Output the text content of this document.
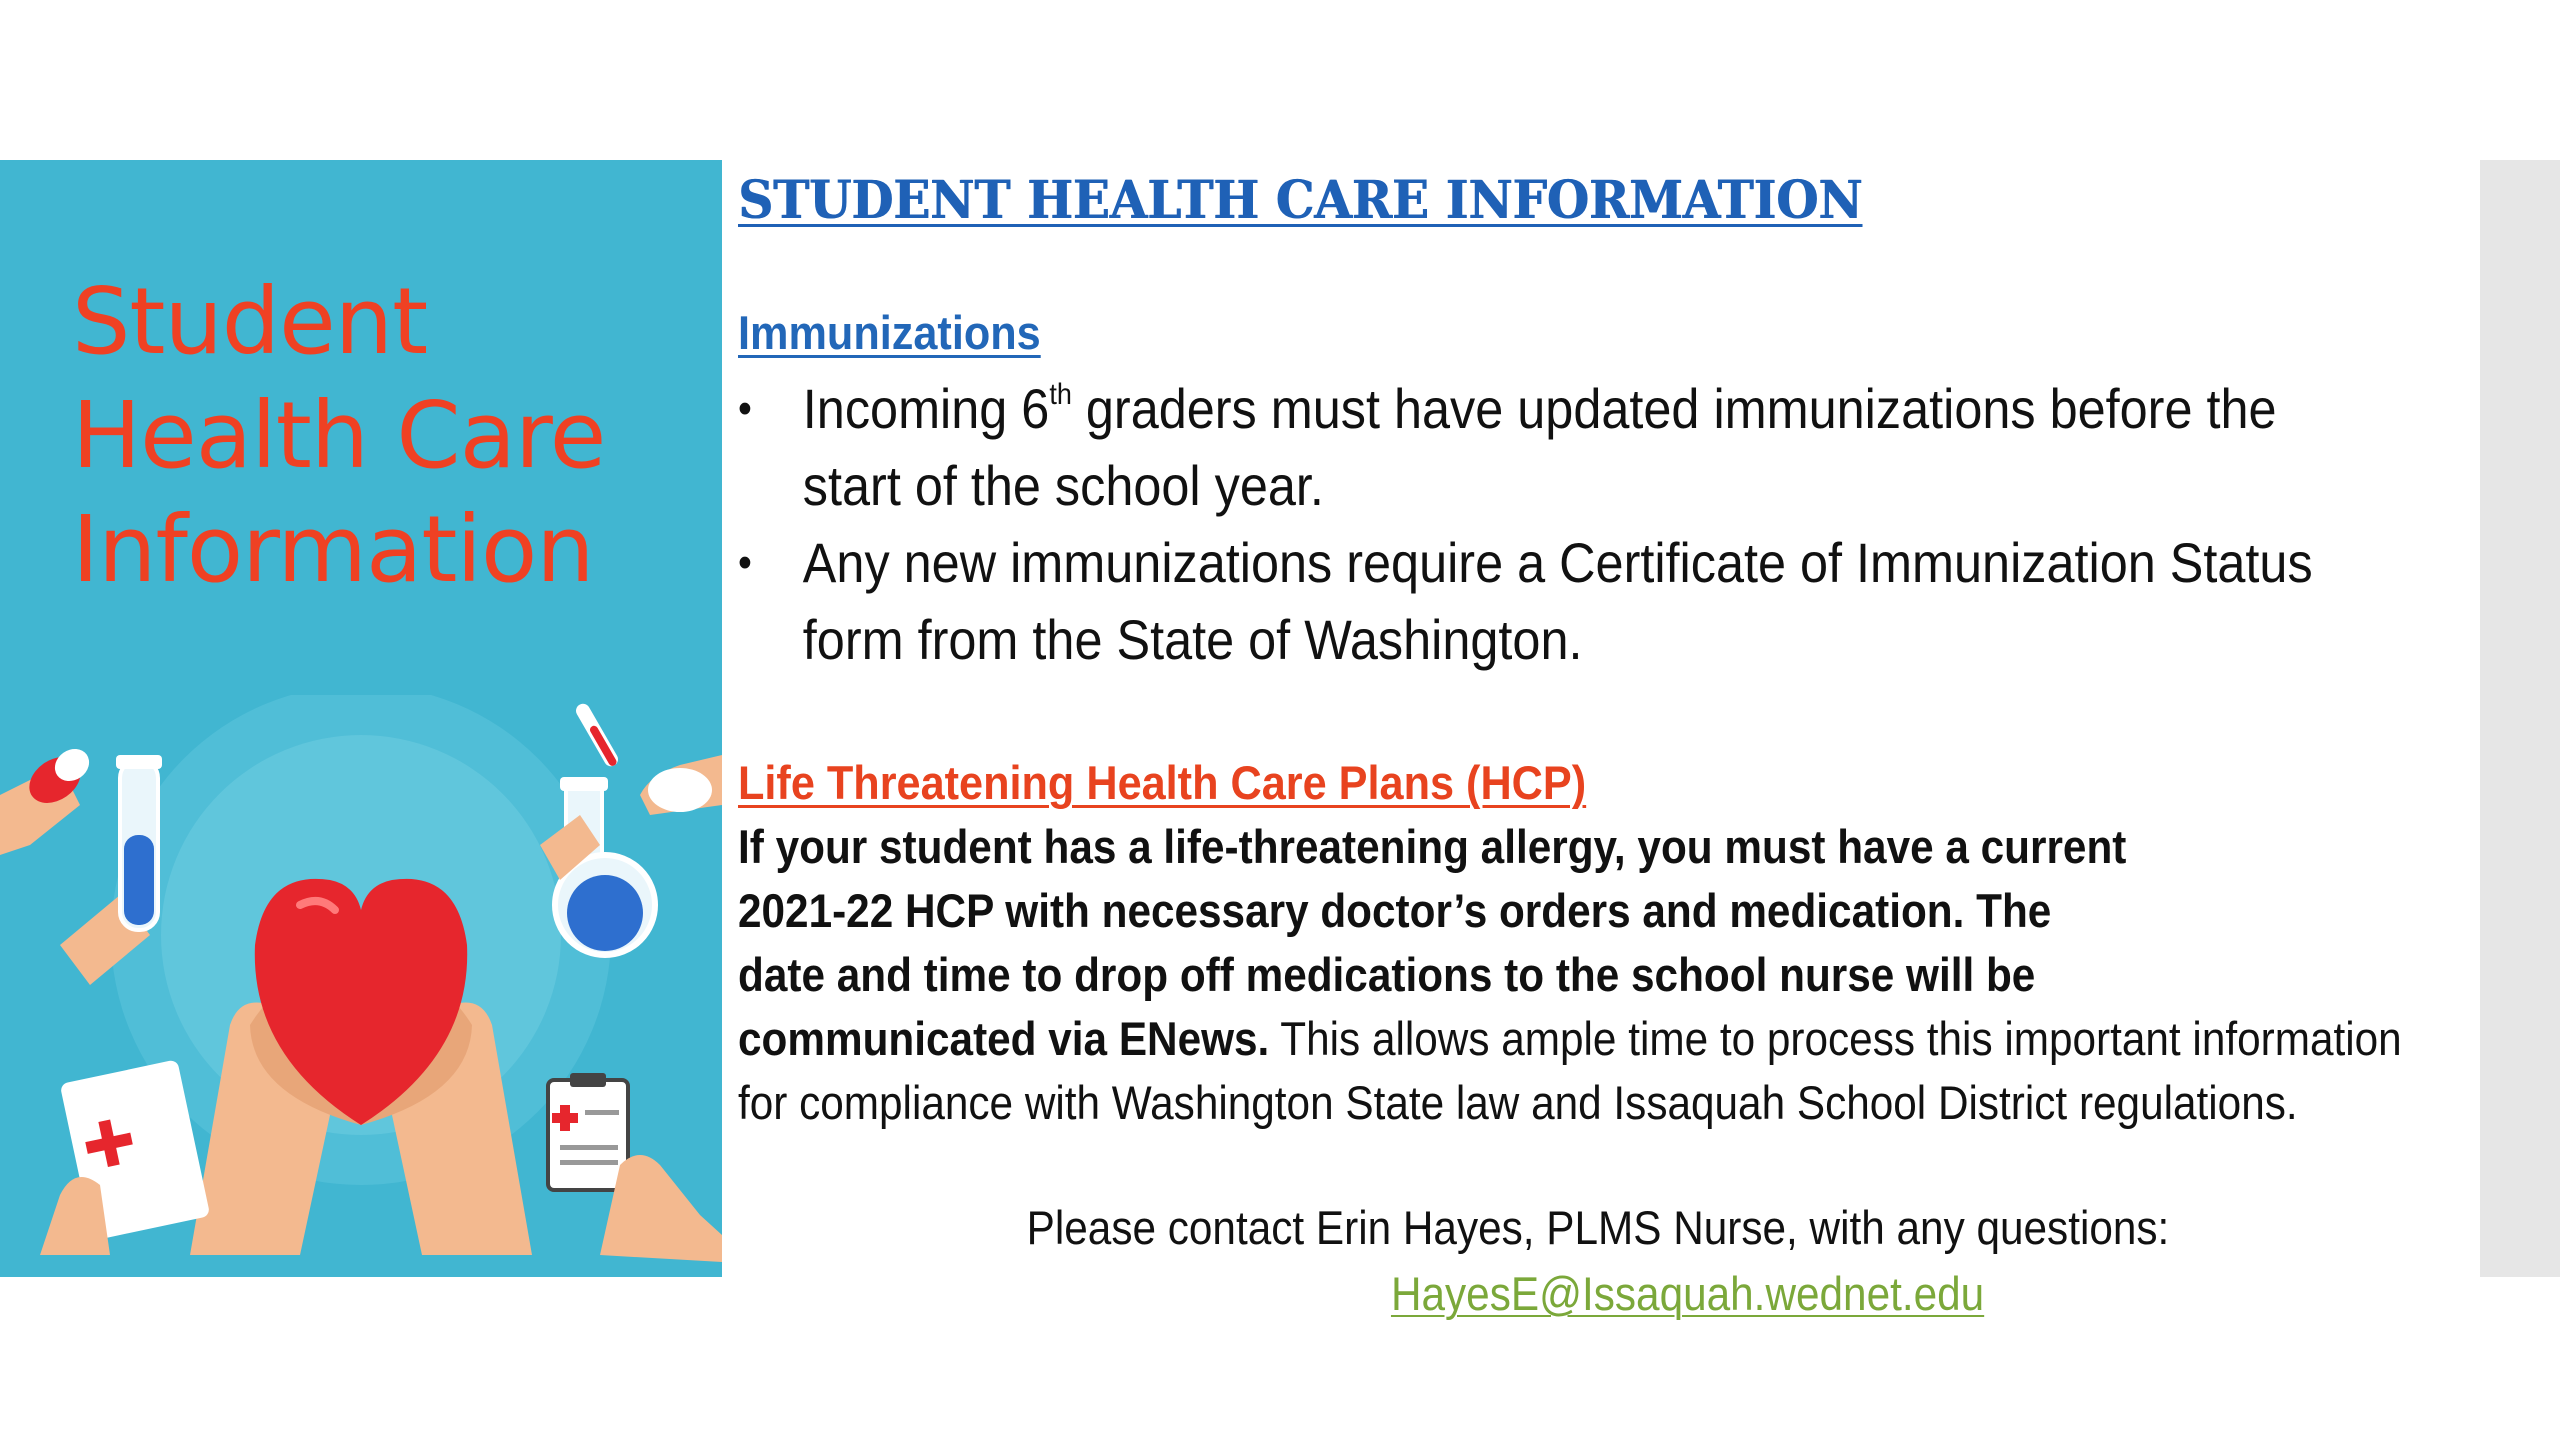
Student
Health Care
Information
STUDENT HEALTH CARE INFORMATION
Immunizations
• Incoming 6th graders must have updated immunizations before the
start of the school year.
• Any new immunizations require a Certificate of Immunization Status
form from the State of Washington.
Life Threatening Health Care Plans (HCP)
If your student has a life-threatening allergy, you must have a current
2021-22 HCP with necessary doctor’s orders and medication. The
date and time to drop off medications to the school nurse will be
communicated via ENews. This allows ample time to process this important information
for compliance with Washington State law and Issaquah School District regulations.
Please contact Erin Hayes, PLMS Nurse, with any questions:
HayesE@Issaquah.wednet.edu
